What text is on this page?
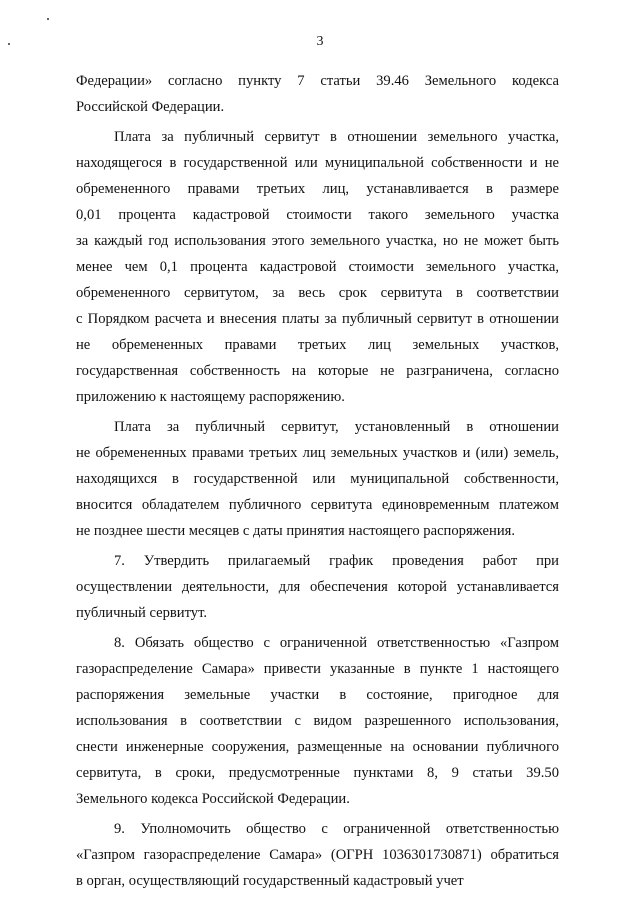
3
Федерации» согласно пункту 7 статьи 39.46 Земельного кодекса
Российской Федерации.
Плата за публичный сервитут в отношении земельного участка,
находящегося в государственной или муниципальной собственности и не
обремененного правами третьих лиц, устанавливается в размере
0,01 процента кадастровой стоимости такого земельного участка
за каждый год использования этого земельного участка, но не может быть
менее чем 0,1 процента кадастровой стоимости земельного участка,
обремененного сервитутом, за весь срок сервитута в соответствии
с Порядком расчета и внесения платы за публичный сервитут в отношении
не обремененных правами третьих лиц земельных участков,
государственная собственность на которые не разграничена, согласно
приложению к настоящему распоряжению.
Плата за публичный сервитут, установленный в отношении
не обремененных правами третьих лиц земельных участков и (или) земель,
находящихся в государственной или муниципальной собственности,
вносится обладателем публичного сервитута единовременным платежом
не позднее шести месяцев с даты принятия настоящего распоряжения.
7. Утвердить прилагаемый график проведения работ при
осуществлении деятельности, для обеспечения которой устанавливается
публичный сервитут.
8. Обязать общество с ограниченной ответственностью «Газпром
газораспределение Самара» привести указанные в пункте 1 настоящего
распоряжения земельные участки в состояние, пригодное для
использования в соответствии с видом разрешенного использования,
снести инженерные сооружения, размещенные на основании публичного
сервитута, в сроки, предусмотренные пунктами 8, 9 статьи 39.50
Земельного кодекса Российской Федерации.
9. Уполномочить общество с ограниченной ответственностью
«Газпром газораспределение Самара» (ОГРН 1036301730871) обратиться
в орган, осуществляющий государственный кадастровый учет
